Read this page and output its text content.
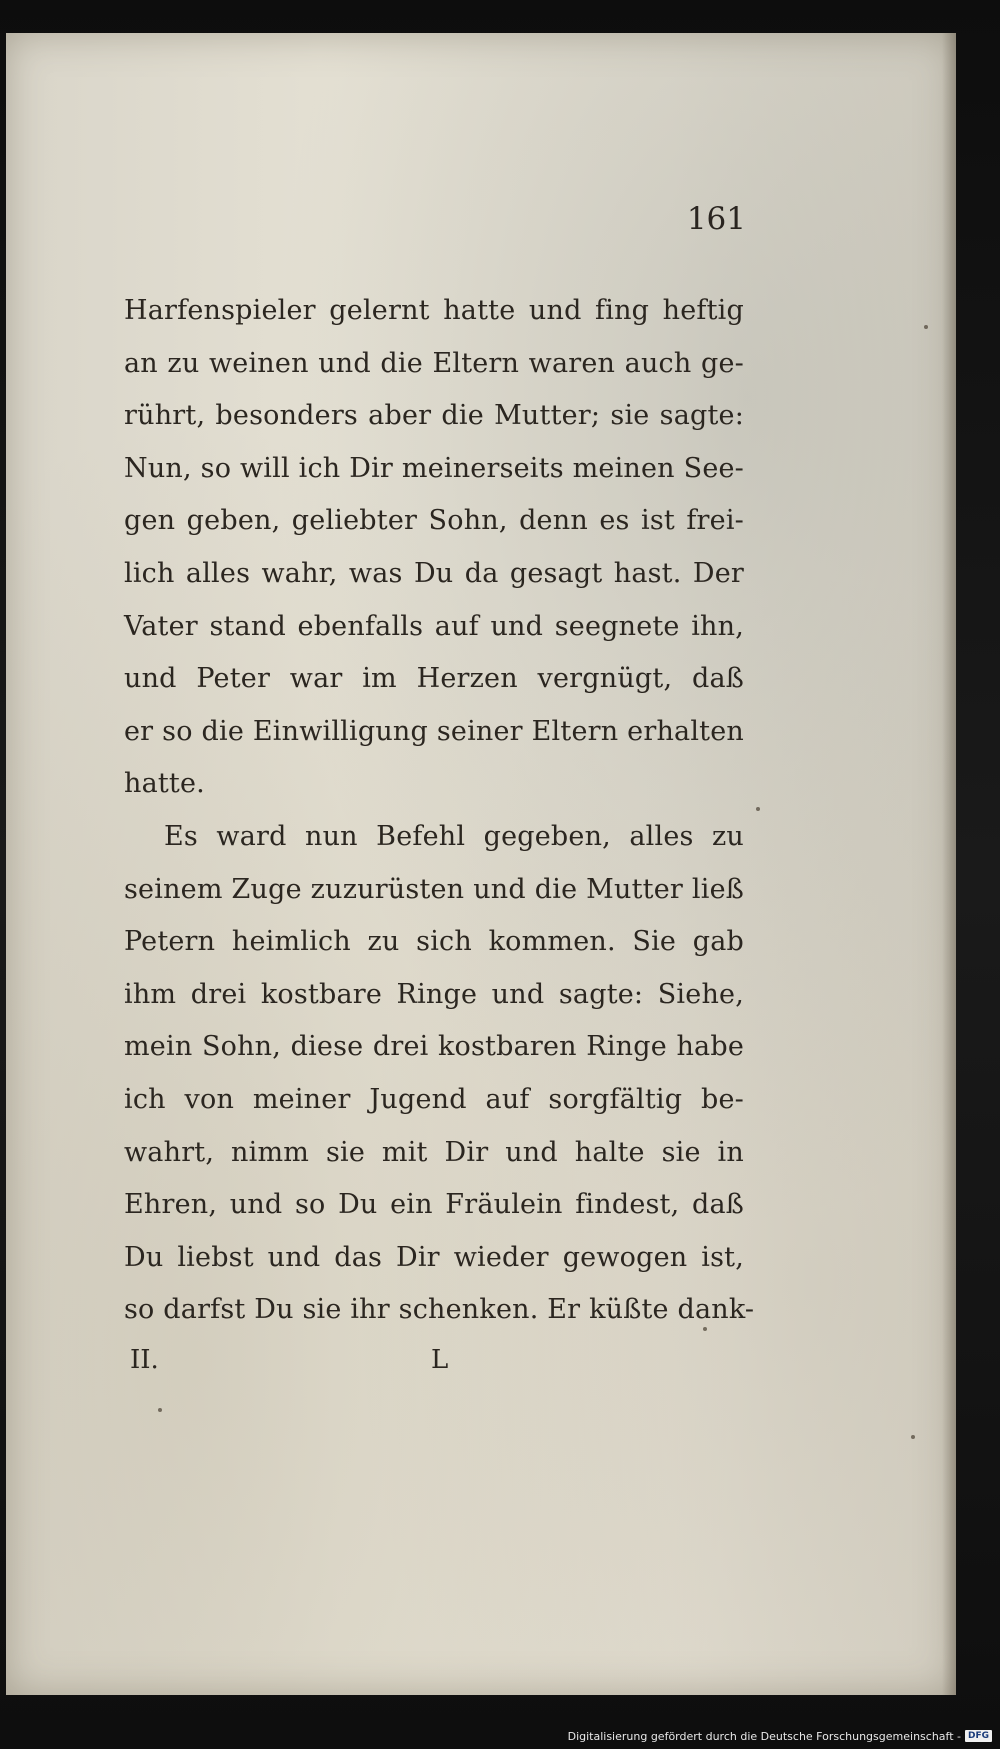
161
Harfenspieler gelernt hatte und fing heftig
an zu weinen und die Eltern waren auch ge-
rührt, besonders aber die Mutter; sie sagte:
Nun, so will ich Dir meinerseits meinen See-
gen geben, geliebter Sohn, denn es ist frei-
lich alles wahr, was Du da gesagt hast. Der
Vater stand ebenfalls auf und seegnete ihn,
und Peter war im Herzen vergnügt, daß
er so die Einwilligung seiner Eltern erhalten
hatte.
Es ward nun Befehl gegeben, alles zu
seinem Zuge zuzurüsten und die Mutter ließ
Petern heimlich zu sich kommen. Sie gab
ihm drei kostbare Ringe und sagte: Siehe,
mein Sohn, diese drei kostbaren Ringe habe
ich von meiner Jugend auf sorgfältig be-
wahrt, nimm sie mit Dir und halte sie in
Ehren, und so Du ein Fräulein findest, daß
Du liebst und das Dir wieder gewogen ist,
so darfst Du sie ihr schenken. Er küßte dank-
II.	L
Digitalisierung gefördert durch die Deutsche Forschungsgemeinschaft - DFG
